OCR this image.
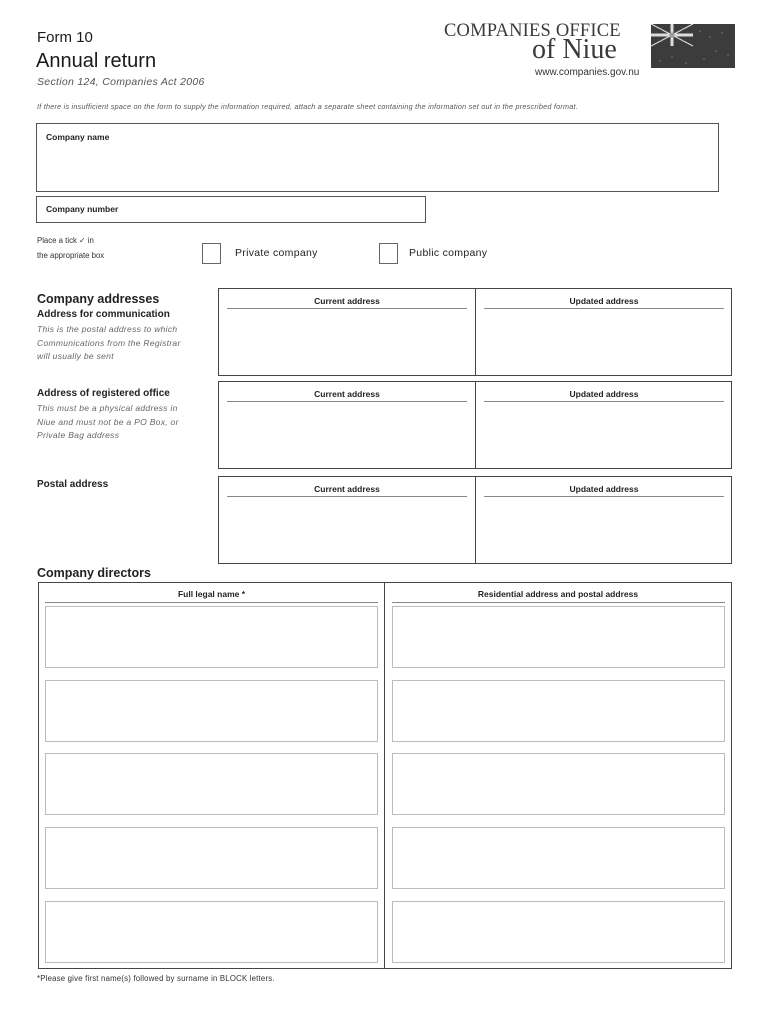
Form 10
Annual return
Section 124, Companies Act 2006
If there is insufficient space on the form to supply the information required, attach a separate sheet containing the information set out in the prescribed format.
COMPANIES OFFICE
of Niue
www.companies.gov.nu
Company name
Company number
Place a tick ✓ in
the appropriate box	Private company	Public company
Company addresses
Address for communication
This is the postal address to which
Communications from the Registrar
will usually be sent
Current address	Updated address
Address of registered office
This must be a physical address in
Niue and must not be a PO Box, or
Private Bag address
Current address	Updated address
Postal address	Current address	Updated address
Company directors
Full legal name *	Residential address and postal address
*Please give first name(s) followed by surname in BLOCK letters.
